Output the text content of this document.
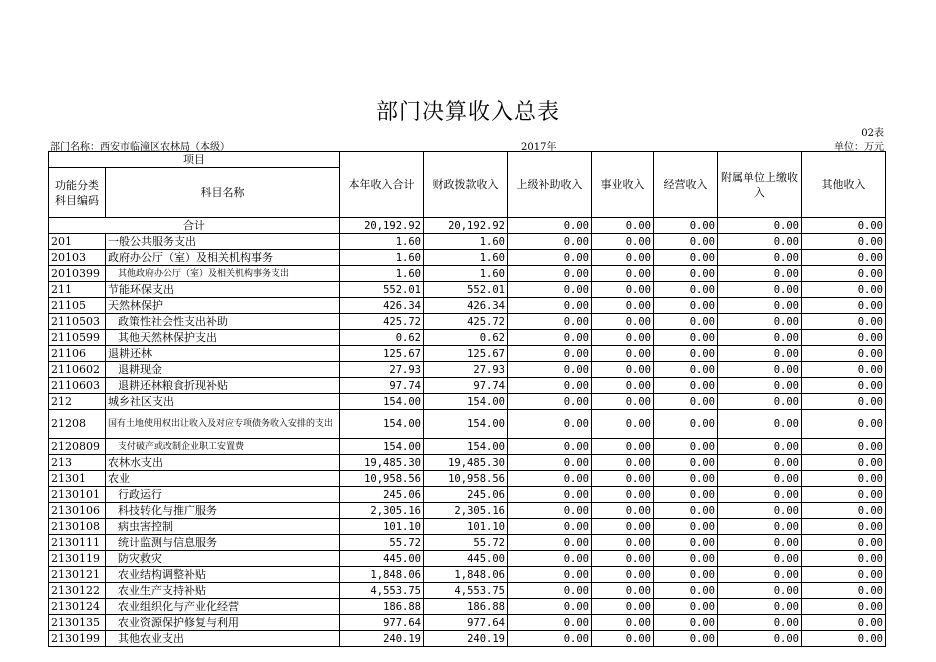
部门决算收入总表
02表
部门名称：西安市临潼区农林局（本级）	2017年	单位：万元
项目		本年收入合计	财政拨款收入	上级补助收入	事业收入	经营收入	附属单位上缴收入	其他收入
功能分类科目编码	科目名称							
合计		20,192.92	20,192.92	0.00	0.00	0.00	0.00	0.00
201	一般公共服务支出	1.60	1.60	0.00	0.00	0.00	0.00	0.00
20103	政府办公厅（室）及相关机构事务	1.60	1.60	0.00	0.00	0.00	0.00	0.00
2010399	其他政府办公厅（室）及相关机构事务支出	1.60	1.60	0.00	0.00	0.00	0.00	0.00
211	节能环保支出	552.01	552.01	0.00	0.00	0.00	0.00	0.00
21105	天然林保护	426.34	426.34	0.00	0.00	0.00	0.00	0.00
2110503	政策性社会性支出补助	425.72	425.72	0.00	0.00	0.00	0.00	0.00
2110599	其他天然林保护支出	0.62	0.62	0.00	0.00	0.00	0.00	0.00
21106	退耕还林	125.67	125.67	0.00	0.00	0.00	0.00	0.00
2110602	退耕现金	27.93	27.93	0.00	0.00	0.00	0.00	0.00
2110603	退耕还林粮食折现补贴	97.74	97.74	0.00	0.00	0.00	0.00	0.00
212	城乡社区支出	154.00	154.00	0.00	0.00	0.00	0.00	0.00
21208	国有土地使用权出让收入及对应专项债务收入安排的支出	154.00	154.00	0.00	0.00	0.00	0.00	0.00
2120809	支付破产或改制企业职工安置费	154.00	154.00	0.00	0.00	0.00	0.00	0.00
213	农林水支出	19,485.30	19,485.30	0.00	0.00	0.00	0.00	0.00
21301	农业	10,958.56	10,958.56	0.00	0.00	0.00	0.00	0.00
2130101	行政运行	245.06	245.06	0.00	0.00	0.00	0.00	0.00
2130106	科技转化与推广服务	2,305.16	2,305.16	0.00	0.00	0.00	0.00	0.00
2130108	病虫害控制	101.10	101.10	0.00	0.00	0.00	0.00	0.00
2130111	统计监测与信息服务	55.72	55.72	0.00	0.00	0.00	0.00	0.00
2130119	防灾救灾	445.00	445.00	0.00	0.00	0.00	0.00	0.00
2130121	农业结构调整补贴	1,848.06	1,848.06	0.00	0.00	0.00	0.00	0.00
2130122	农业生产支持补贴	4,553.75	4,553.75	0.00	0.00	0.00	0.00	0.00
2130124	农业组织化与产业化经营	186.88	186.88	0.00	0.00	0.00	0.00	0.00
2130135	农业资源保护修复与利用	977.64	977.64	0.00	0.00	0.00	0.00	0.00
2130199	其他农业支出	240.19	240.19	0.00	0.00	0.00	0.00	0.00
